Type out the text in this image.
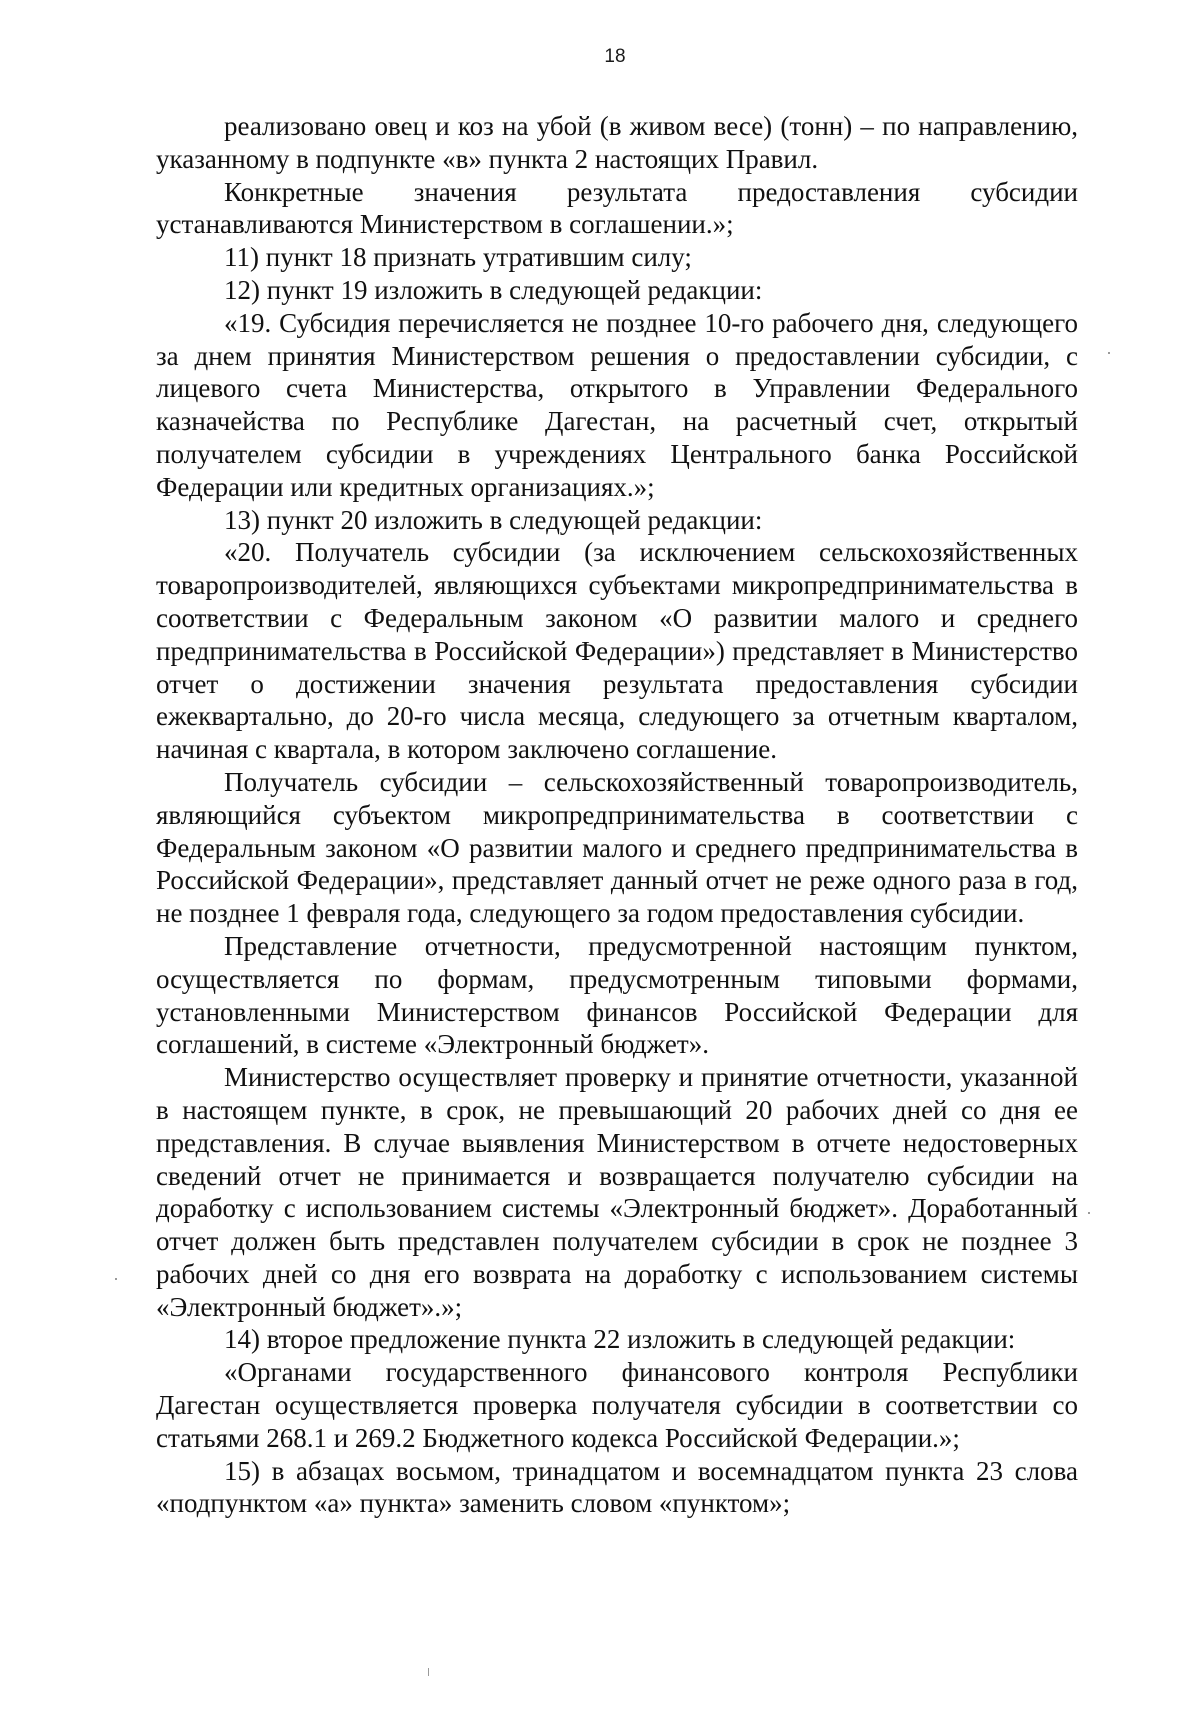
18

реализовано овец и коз на убой (в живом весе) (тонн) – по направлению, указанному в подпункте «в» пункта 2 настоящих Правил.

Конкретные значения результата предоставления субсидии устанавливаются Министерством в соглашении.»;

11) пункт 18 признать утратившим силу;

12) пункт 19 изложить в следующей редакции:

«19. Субсидия перечисляется не позднее 10-го рабочего дня, следующего за днем принятия Министерством решения о предоставлении субсидии, с лицевого счета Министерства, открытого в Управлении Федерального казначейства по Республике Дагестан, на расчетный счет, открытый получателем субсидии в учреждениях Центрального банка Российской Федерации или кредитных организациях.»;

13) пункт 20 изложить в следующей редакции:

«20. Получатель субсидии (за исключением сельскохозяйственных товаропроизводителей, являющихся субъектами микропредпринимательства в соответствии с Федеральным законом «О развитии малого и среднего предпринимательства в Российской Федерации») представляет в Министерство отчет о достижении значения результата предоставления субсидии ежеквартально, до 20-го числа месяца, следующего за отчетным кварталом, начиная с квартала, в котором заключено соглашение.

Получатель субсидии – сельскохозяйственный товаропроизводитель, являющийся субъектом микропредпринимательства в соответствии с Федеральным законом «О развитии малого и среднего предпринимательства в Российской Федерации», представляет данный отчет не реже одного раза в год, не позднее 1 февраля года, следующего за годом предоставления субсидии.

Представление отчетности, предусмотренной настоящим пунктом, осуществляется по формам, предусмотренным типовыми формами, установленными Министерством финансов Российской Федерации для соглашений, в системе «Электронный бюджет».

Министерство осуществляет проверку и принятие отчетности, указанной в настоящем пункте, в срок, не превышающий 20 рабочих дней со дня ее представления. В случае выявления Министерством в отчете недостоверных сведений отчет не принимается и возвращается получателю субсидии на доработку с использованием системы «Электронный бюджет». Доработанный отчет должен быть представлен получателем субсидии в срок не позднее 3 рабочих дней со дня его возврата на доработку с использованием системы «Электронный бюджет».»;

14) второе предложение пункта 22 изложить в следующей редакции:

«Органами государственного финансового контроля Республики Дагестан осуществляется проверка получателя субсидии в соответствии со статьями 268.1 и 269.2 Бюджетного кодекса Российской Федерации.»;

15) в абзацах восьмом, тринадцатом и восемнадцатом пункта 23 слова «подпунктом «а» пункта» заменить словом «пунктом»;
